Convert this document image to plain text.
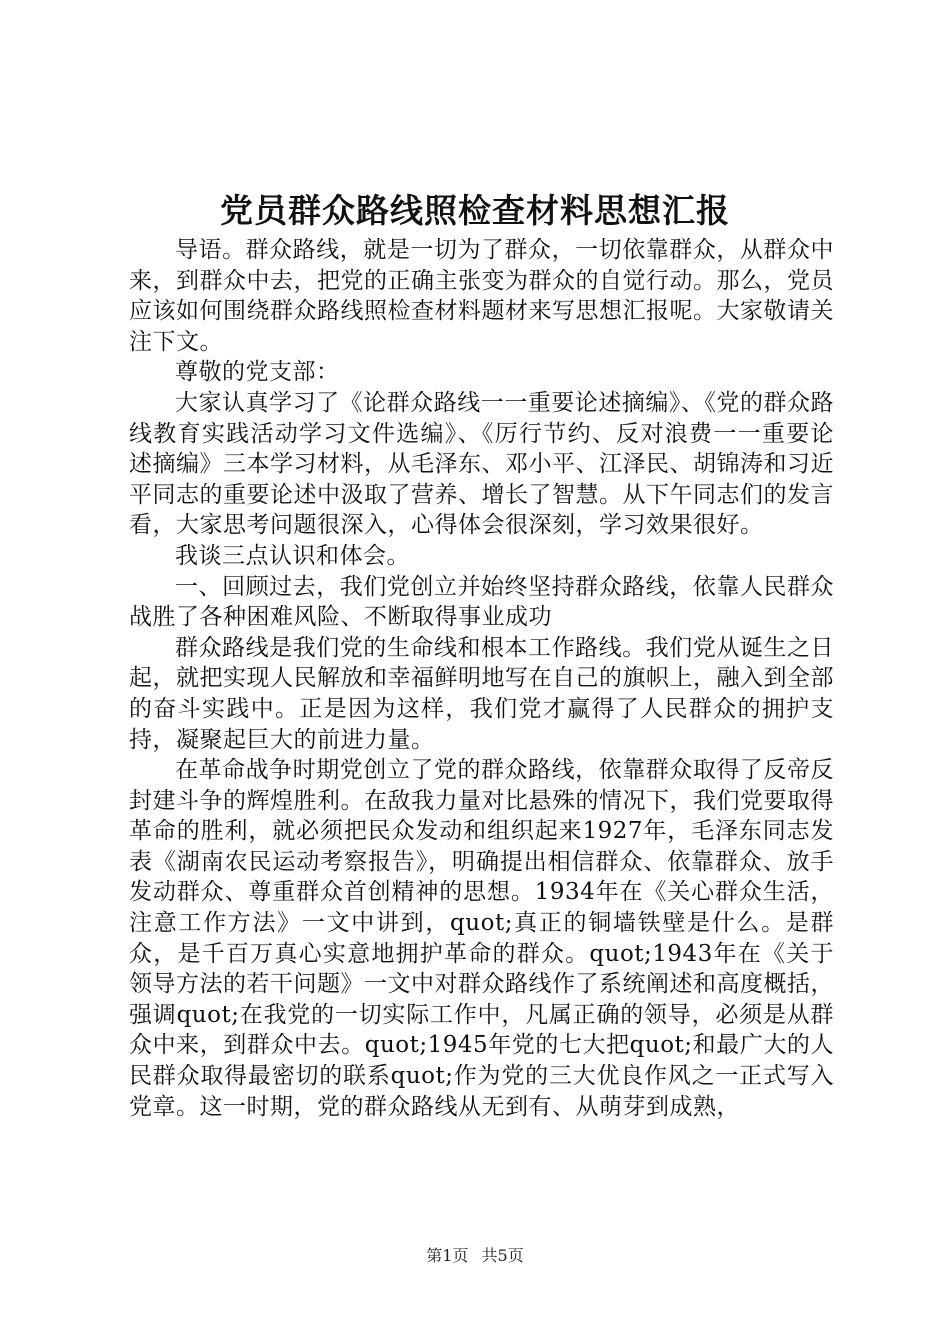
党员群众路线照检查材料思想汇报

导语。群众路线，就是一切为了群众，一切依靠群众，从群众中来，到群众中去，把党的正确主张变为群众的自觉行动。那么，党员应该如何围绕群众路线照检查材料题材来写思想汇报呢。大家敬请关注下文。

尊敬的党支部：

大家认真学习了《论群众路线一一重要论述摘编》、《党的群众路线教育实践活动学习文件选编》、《厉行节约、反对浪费一一重要论述摘编》三本学习材料，从毛泽东、邓小平、江泽民、胡锦涛和习近平同志的重要论述中汲取了营养、增长了智慧。从下午同志们的发言看，大家思考问题很深入，心得体会很深刻，学习效果很好。

我谈三点认识和体会。

一、回顾过去，我们党创立并始终坚持群众路线，依靠人民群众战胜了各种困难风险、不断取得事业成功

群众路线是我们党的生命线和根本工作路线。我们党从诞生之日起，就把实现人民解放和幸福鲜明地写在自己的旗帜上，融入到全部的奋斗实践中。正是因为这样，我们党才赢得了人民群众的拥护支持，凝聚起巨大的前进力量。

在革命战争时期党创立了党的群众路线，依靠群众取得了反帝反封建斗争的辉煌胜利。在敌我力量对比悬殊的情况下，我们党要取得革命的胜利，就必须把民众发动和组织起来1927年，毛泽东同志发表《湖南农民运动考察报告》，明确提出相信群众、依靠群众、放手发动群众、尊重群众首创精神的思想。1934年在《关心群众生活，注意工作方法》一文中讲到，quot;真正的铜墙铁壁是什么。是群众，是千百万真心实意地拥护革命的群众。quot;1943年在《关于领导方法的若干问题》一文中对群众路线作了系统阐述和高度概括，强调quot;在我党的一切实际工作中，凡属正确的领导，必须是从群众中来，到群众中去。quot;1945年党的七大把quot;和最广大的人民群众取得最密切的联系quot;作为党的三大优良作风之一正式写入党章。这一时期，党的群众路线从无到有、从萌芽到成熟，

第1页 共5页
